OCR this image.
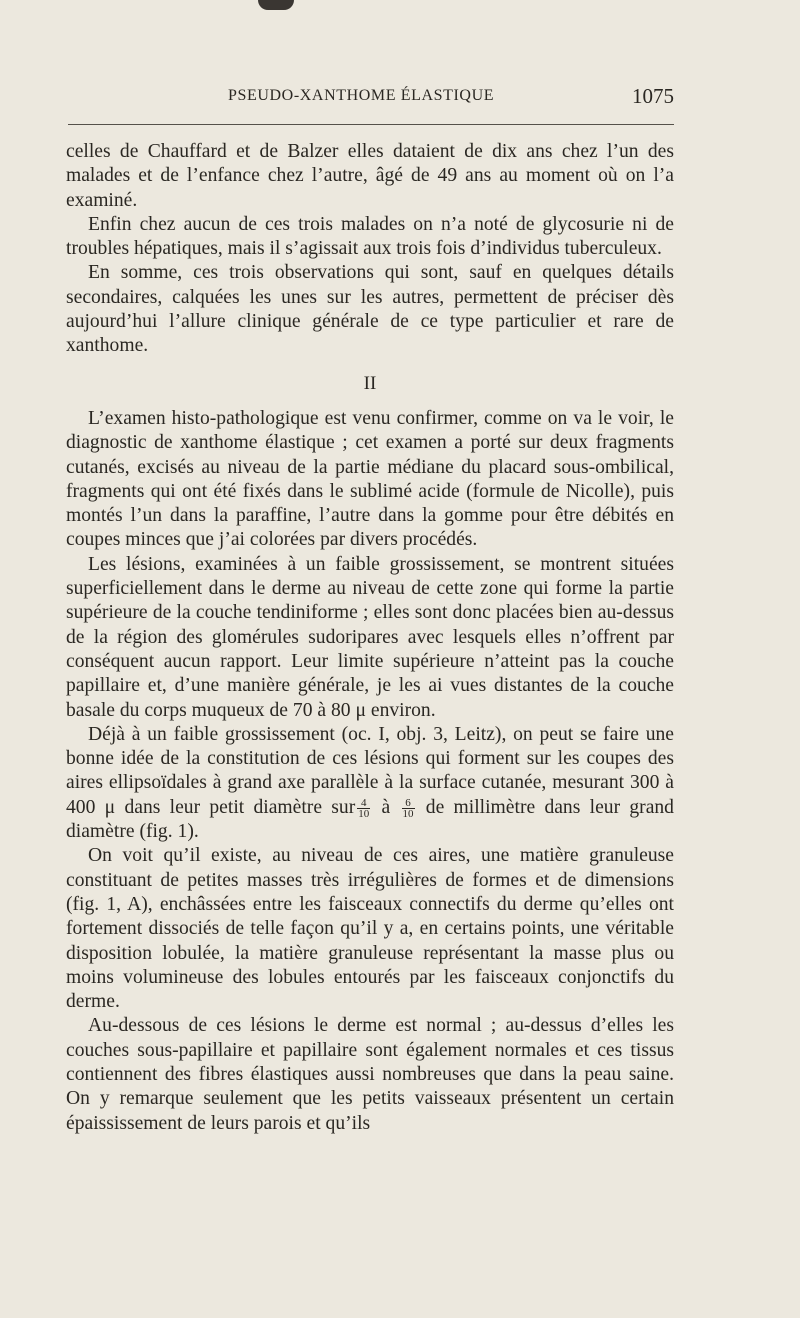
PSEUDO-XANTHOME ÉLASTIQUE	1075

celles de Chauffard et de Balzer elles dataient de dix ans chez l’un des malades et de l’enfance chez l’autre, âgé de 49 ans au moment où on l’a examiné.

Enfin chez aucun de ces trois malades on n’a noté de glycosurie ni de troubles hépatiques, mais il s’agissait aux trois fois d’individus tuberculeux.

En somme, ces trois observations qui sont, sauf en quelques détails secondaires, calquées les unes sur les autres, permettent de préciser dès aujourd’hui l’allure clinique générale de ce type particulier et rare de xanthome.

II

L’examen histo-pathologique est venu confirmer, comme on va le voir, le diagnostic de xanthome élastique ; cet examen a porté sur deux fragments cutanés, excisés au niveau de la partie médiane du placard sous-ombilical, fragments qui ont été fixés dans le sublimé acide (formule de Nicolle), puis montés l’un dans la paraffine, l’autre dans la gomme pour être débités en coupes minces que j’ai colorées par divers procédés.

Les lésions, examinées à un faible grossissement, se montrent situées superficiellement dans le derme au niveau de cette zone qui forme la partie supérieure de la couche tendiniforme ; elles sont donc placées bien au-dessus de la région des glomérules sudoripares avec lesquels elles n’offrent par conséquent aucun rapport. Leur limite supérieure n’atteint pas la couche papillaire et, d’une manière générale, je les ai vues distantes de la couche basale du corps muqueux de 70 à 80 μ environ.

Déjà à un faible grossissement (oc. I, obj. 3, Leitz), on peut se faire une bonne idée de la constitution de ces lésions qui forment sur les coupes des aires ellipsoïdales à grand axe parallèle à la surface cutanée, mesurant 300 à 400 μ dans leur petit diamètre sur $\frac{4}{10}$ à $\frac{6}{10}$ de millimètre dans leur grand diamètre (fig. 1).

On voit qu’il existe, au niveau de ces aires, une matière granuleuse constituant de petites masses très irrégulières de formes et de dimensions (fig. 1, A), enchâssées entre les faisceaux connectifs du derme qu’elles ont fortement dissociés de telle façon qu’il y a, en certains points, une véritable disposition lobulée, la matière granuleuse représentant la masse plus ou moins volumineuse des lobules entourés par les faisceaux conjonctifs du derme.

Au-dessous de ces lésions le derme est normal ; au-dessus d’elles les couches sous-papillaire et papillaire sont également normales et ces tissus contiennent des fibres élastiques aussi nombreuses que dans la peau saine. On y remarque seulement que les petits vaisseaux présentent un certain épaississement de leurs parois et qu’ils
